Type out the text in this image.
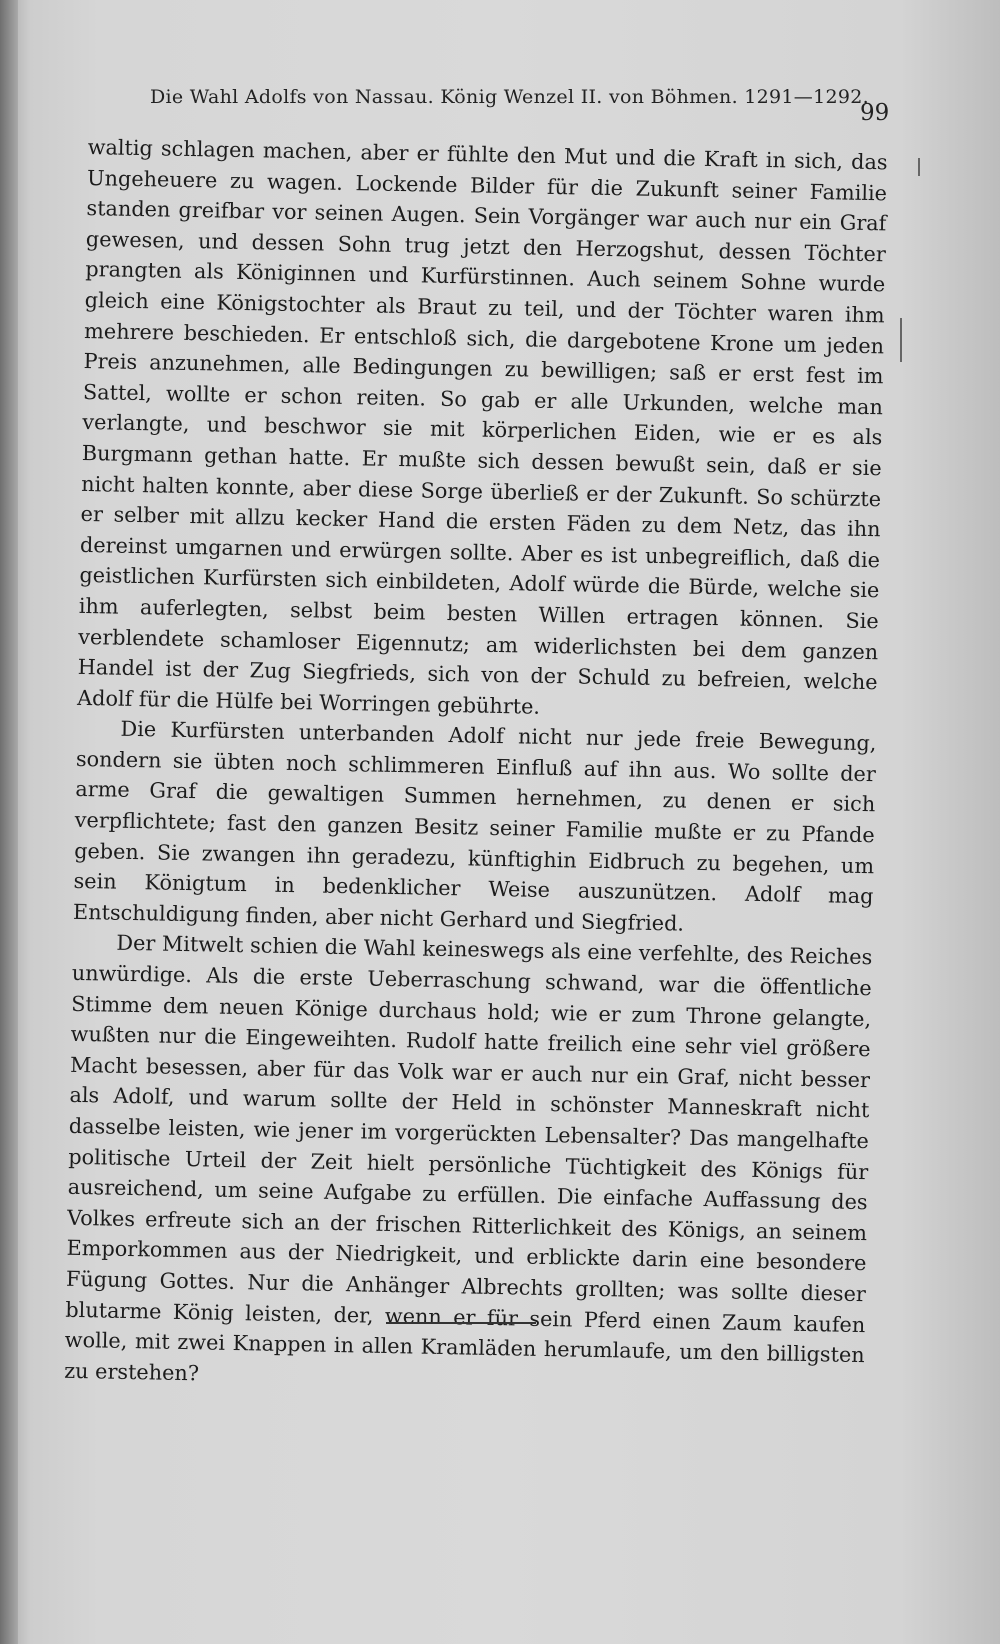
Die Wahl Adolfs von Nassau. König Wenzel II. von Böhmen. 1291—1292.
99

waltig schlagen machen, aber er fühlte den Mut und die Kraft in sich, das Ungeheuere zu wagen. Lockende Bilder für die Zukunft seiner Familie standen greifbar vor seinen Augen. Sein Vorgänger war auch nur ein Graf gewesen, und dessen Sohn trug jetzt den Herzogshut, dessen Töchter prangten als Königinnen und Kurfürstinnen. Auch seinem Sohne wurde gleich eine Königstochter als Braut zu teil, und der Töchter waren ihm mehrere beschieden. Er entschloß sich, die dargebotene Krone um jeden Preis anzunehmen, alle Bedingungen zu bewilligen; saß er erst fest im Sattel, wollte er schon reiten. So gab er alle Urkunden, welche man verlangte, und beschwor sie mit körperlichen Eiden, wie er es als Burgmann gethan hatte. Er mußte sich dessen bewußt sein, daß er sie nicht halten konnte, aber diese Sorge überließ er der Zukunft. So schürzte er selber mit allzu kecker Hand die ersten Fäden zu dem Netz, das ihn dereinst umgarnen und erwürgen sollte. Aber es ist unbegreiflich, daß die geistlichen Kurfürsten sich einbildeten, Adolf würde die Bürde, welche sie ihm auferlegten, selbst beim besten Willen ertragen können. Sie verblendete schamloser Eigennutz; am widerlichsten bei dem ganzen Handel ist der Zug Siegfrieds, sich von der Schuld zu befreien, welche Adolf für die Hülfe bei Worringen gebührte.

Die Kurfürsten unterbanden Adolf nicht nur jede freie Bewegung, sondern sie übten noch schlimmeren Einfluß auf ihn aus. Wo sollte der arme Graf die gewaltigen Summen hernehmen, zu denen er sich verpflichtete; fast den ganzen Besitz seiner Familie mußte er zu Pfande geben. Sie zwangen ihn geradezu, künftighin Eidbruch zu begehen, um sein Königtum in bedenklicher Weise auszunützen. Adolf mag Entschuldigung finden, aber nicht Gerhard und Siegfried.

Der Mitwelt schien die Wahl keineswegs als eine verfehlte, des Reiches unwürdige. Als die erste Ueberraschung schwand, war die öffentliche Stimme dem neuen Könige durchaus hold; wie er zum Throne gelangte, wußten nur die Eingeweihten. Rudolf hatte freilich eine sehr viel größere Macht besessen, aber für das Volk war er auch nur ein Graf, nicht besser als Adolf, und warum sollte der Held in schönster Manneskraft nicht dasselbe leisten, wie jener im vorgerückten Lebensalter? Das mangelhafte politische Urteil der Zeit hielt persönliche Tüchtigkeit des Königs für ausreichend, um seine Aufgabe zu erfüllen. Die einfache Auffassung des Volkes erfreute sich an der frischen Ritterlichkeit des Königs, an seinem Emporkommen aus der Niedrigkeit, und erblickte darin eine besondere Fügung Gottes. Nur die Anhänger Albrechts grollten; was sollte dieser blutarme König leisten, der, wenn er für sein Pferd einen Zaum kaufen wolle, mit zwei Knappen in allen Kramläden herumlaufe, um den billigsten zu erstehen?
